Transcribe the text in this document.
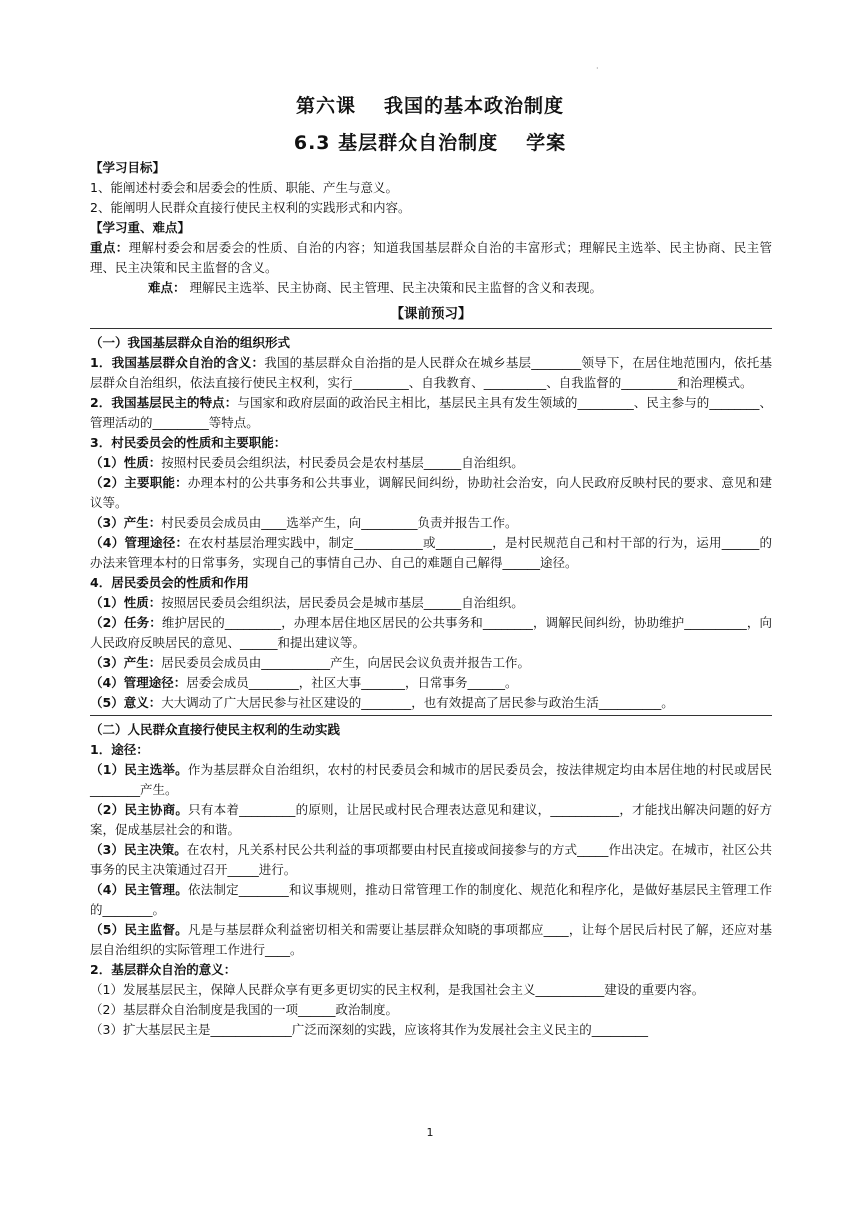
·
第六课 我国的基本政治制度
6.3 基层群众自治制度 学案

【学习目标】

1、能阐述村委会和居委会的性质、职能、产生与意义。

2、能阐明人民群众直接行使民主权利的实践形式和内容。

【学习重、难点】

重点：理解村委会和居委会的性质、自治的内容；知道我国基层群众自治的丰富形式；理解民主选举、民主协商、民主管理、民主决策和民主监督的含义。

难点： 理解民主选举、民主协商、民主管理、民主决策和民主监督的含义和表现。

【课前预习】

（一）我国基层群众自治的组织形式

1．我国基层群众自治的含义：我国的基层群众自治指的是人民群众在城乡基层________领导下，在居住地范围内，依托基层群众自治组织，依法直接行使民主权利，实行_________、自我教育、__________、自我监督的_________和治理模式。

2．我国基层民主的特点：与国家和政府层面的政治民主相比，基层民主具有发生领域的_________、民主参与的________、管理活动的_________等特点。

3．村民委员会的性质和主要职能：

（1）性质：按照村民委员会组织法，村民委员会是农村基层______自治组织。

（2）主要职能：办理本村的公共事务和公共事业，调解民间纠纷，协助社会治安，向人民政府反映村民的要求、意见和建议等。

（3）产生：村民委员会成员由____选举产生，向_________负责并报告工作。

（4）管理途径：在农村基层治理实践中，制定___________或_________，是村民规范自己和村干部的行为，运用______的办法来管理本村的日常事务，实现自己的事情自己办、自己的难题自己解得______途径。

4．居民委员会的性质和作用

（1）性质：按照居民委员会组织法，居民委员会是城市基层______自治组织。

（2）任务：维护居民的_________，办理本居住地区居民的公共事务和________，调解民间纠纷，协助维护__________，向人民政府反映居民的意见、______和提出建议等。

（3）产生：居民委员会成员由___________产生，向居民会议负责并报告工作。

（4）管理途径：居委会成员________，社区大事_______，日常事务______。

（5）意义：大大调动了广大居民参与社区建设的________，也有效提高了居民参与政治生活__________。

（二）人民群众直接行使民主权利的生动实践

1．途径：

（1）民主选举。作为基层群众自治组织，农村的村民委员会和城市的居民委员会，按法律规定均由本居住地的村民或居民________产生。

（2）民主协商。只有本着_________的原则，让居民或村民合理表达意见和建议，___________，才能找出解决问题的好方案，促成基层社会的和谐。

（3）民主决策。在农村，凡关系村民公共利益的事项都要由村民直接或间接参与的方式_____作出决定。在城市，社区公共事务的民主决策通过召开_____进行。

（4）民主管理。依法制定________和议事规则，推动日常管理工作的制度化、规范化和程序化，是做好基层民主管理工作的________。

（5）民主监督。凡是与基层群众利益密切相关和需要让基层群众知晓的事项都应____，让每个居民后村民了解，还应对基层自治组织的实际管理工作进行____。

2．基层群众自治的意义：

（1）发展基层民主，保障人民群众享有更多更切实的民主权利，是我国社会主义___________建设的重要内容。

（2）基层群众自治制度是我国的一项______政治制度。

（3）扩大基层民主是_____________广泛而深刻的实践，应该将其作为发展社会主义民主的_________

1
